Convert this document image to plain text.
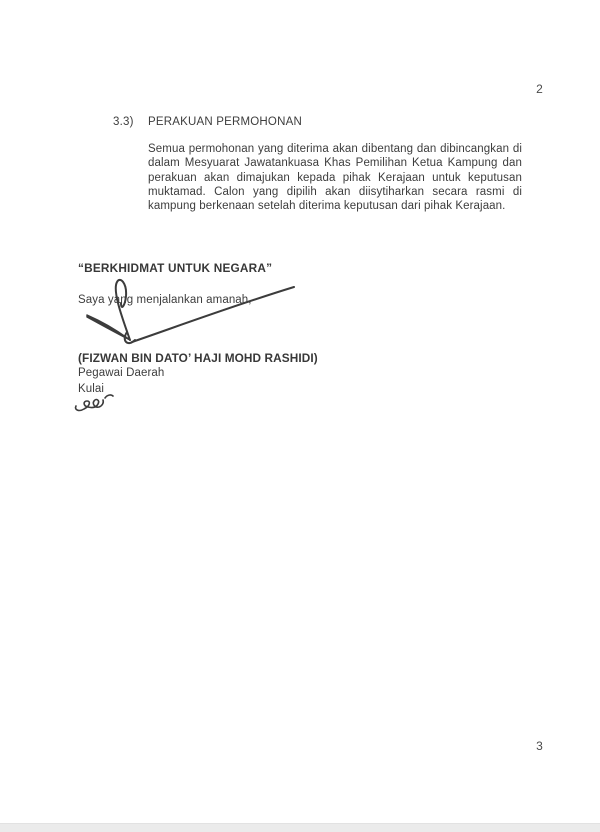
2
3.3) PERAKUAN PERMOHONAN
Semua permohonan yang diterima akan dibentang dan dibincangkan di dalam Mesyuarat Jawatankuasa Khas Pemilihan Ketua Kampung dan perakuan akan dimajukan kepada pihak Kerajaan untuk keputusan muktamad. Calon yang dipilih akan diisytiharkan secara rasmi di kampung berkenaan setelah diterima keputusan dari pihak Kerajaan.
“BERKHIDMAT UNTUK NEGARA”
Saya yang menjalankan amanah,
(FIZWAN BIN DATO’ HAJI MOHD RASHIDI)
Pegawai Daerah
Kulai
3
